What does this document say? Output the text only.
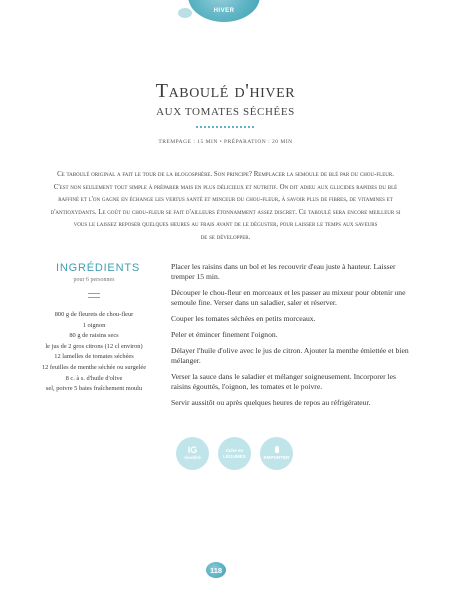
HIVER
Taboulé d'hiver
AUX TOMATES SÉCHÉES
TREMPAGE : 15 MIN • PRÉPARATION : 20 MIN
Ce taboulé original a fait le tour de la blogosphère. Son principe? Remplacer la semoule de blé par du chou-fleur.
C'est non seulement tout simple à préparer mais en plus délicieux et nutritif. On dit adieu aux glucides rapides du blé
raffiné et l'on gagne en échange les vertus santé et minceur du chou-fleur, à savoir plus de fibres, de vitamines et
d'antioxydants. Le goût du chou-fleur se fait d'ailleurs étonnamment assez discret. Ce taboulé sera encore meilleur si
vous le laissez reposer quelques heures au frais avant de le déguster, pour laisser le temps aux saveurs
de se développer.
INGRÉDIENTS
pour 6 personnes
800 g de fleurets de chou-fleur
1 oignon
80 g de raisins secs
le jus de 2 gros citrons (12 cl environ)
12 lamelles de tomates séchées
12 feuilles de menthe séchée ou surgelée
8 c. à s. d'huile d'olive
sel, poivre 5 baies fraîchement moulu
Placer les raisins dans un bol et les recouvrir d'eau juste à hauteur. Laisser tremper 15 min.
Découper le chou-fleur en morceaux et les passer au mixeur pour obtenir une semoule fine. Verser dans un saladier, saler et réserver.
Couper les tomates séchées en petits morceaux.
Peler et émincer finement l'oignon.
Délayer l'huile d'olive avec le jus de citron. Ajouter la menthe émiettée et bien mélanger.
Verser la sauce dans le saladier et mélanger soigneusement. Incorporer les raisins égouttés, l'oignon, les tomates et le poivre.
Servir aussitôt ou après quelques heures de repos au réfrigérateur.
IG
modéré
riche en
LÉGUMES	EMPORTER
118
